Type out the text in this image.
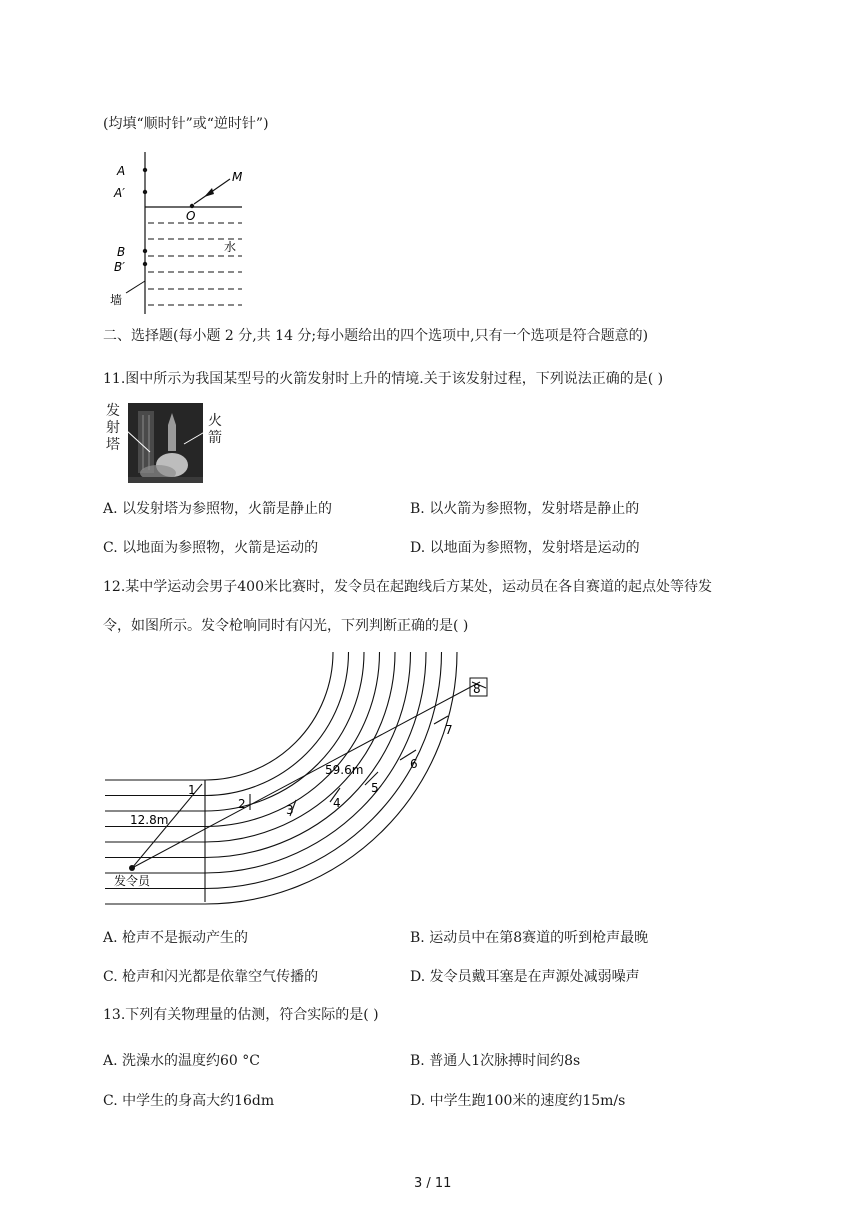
(均填“顺时针”或“逆时针”)
A
A′
M
O
B
B′
水
墙
二、选择题(每小题 2 分,共 14 分;每小题给出的四个选项中,只有一个选项是符合题意的)
11.图中所示为我国某型号的火箭发射时上升的情境.关于该发射过程，下列说法正确的是( )
发
射
塔
火
箭
A. 以发射塔为参照物，火箭是静止的	B. 以火箭为参照物，发射塔是静止的
C. 以地面为参照物，火箭是运动的	D. 以地面为参照物，发射塔是运动的
12.某中学运动会男子400米比赛时，发令员在起跑线后方某处，运动员在各自赛道的起点处等待发
令，如图所示。发令枪响同时有闪光，下列判断正确的是( )
1
2	3	4
5
6
7
8
59.6m
12.8m
发令员
A. 枪声不是振动产生的	B. 运动员中在第8赛道的听到枪声最晚
C. 枪声和闪光都是依靠空气传播的	D. 发令员戴耳塞是在声源处减弱噪声
13.下列有关物理量的估测，符合实际的是( )
A. 洗澡水的温度约60 °C	B. 普通人1次脉搏时间约8s
C. 中学生的身高大约16dm	D. 中学生跑100米的速度约15m/s
3 / 11
